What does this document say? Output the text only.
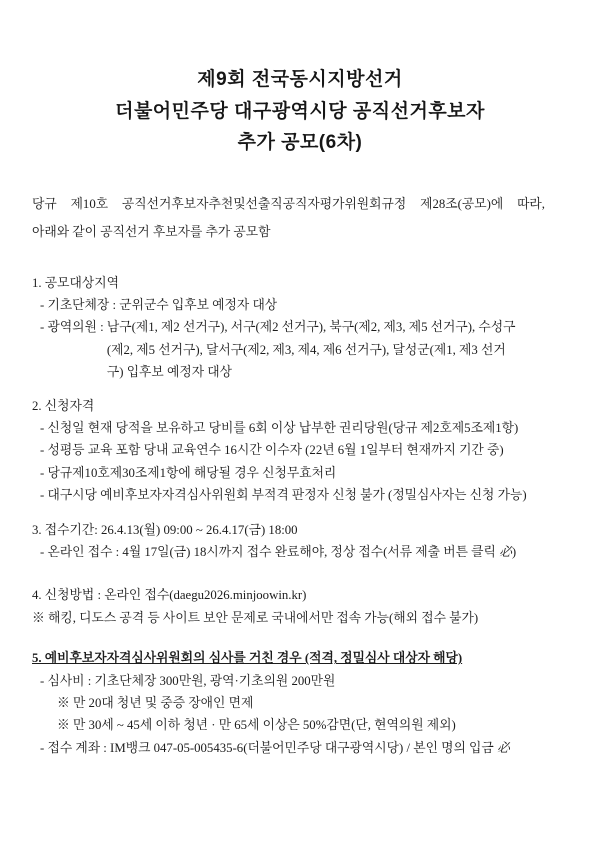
제9회 전국동시지방선거
더불어민주당 대구광역시당 공직선거후보자
추가 공모(6차)

당규 제10호 공직선거후보자추천및선출직공직자평가위원회규정 제28조(공모)에 따라,
아래와 같이 공직선거 후보자를 추가 공모함

1. 공모대상지역
- 기초단체장 : 군위군수 입후보 예정자 대상
- 광역의원 : 남구(제1, 제2 선거구), 서구(제2 선거구), 북구(제2, 제3, 제5 선거구), 수성구
(제2, 제5 선거구), 달서구(제2, 제3, 제4, 제6 선거구), 달성군(제1, 제3 선거
구) 입후보 예정자 대상
2. 신청자격
- 신청일 현재 당적을 보유하고 당비를 6회 이상 납부한 권리당원(당규 제2호제5조제1항)
- 성평등 교육 포함 당내 교육연수 16시간 이수자 (22년 6월 1일부터 현재까지 기간 중)
- 당규제10호제30조제1항에 해당될 경우 신청무효처리
- 대구시당 예비후보자자격심사위원회 부적격 판정자 신청 불가 (정밀심사자는 신청 가능)
3. 접수기간: 26.4.13(월) 09:00 ~ 26.4.17(금) 18:00
- 온라인 접수 : 4월 17일(금) 18시까지 접수 완료해야, 정상 접수(서류 제출 버튼 클릭 必)
4. 신청방법 : 온라인 접수(daegu2026.minjoowin.kr)
※ 해킹, 디도스 공격 등 사이트 보안 문제로 국내에서만 접속 가능(해외 접수 불가)
5. 예비후보자자격심사위원회의 심사를 거친 경우 (적격, 정밀심사 대상자 해당)
- 심사비 : 기초단체장 300만원, 광역·기초의원 200만원
※ 만 20대 청년 및 중증 장애인 면제
※ 만 30세 ~ 45세 이하 청년 · 만 65세 이상은 50%감면(단, 현역의원 제외)
- 접수 계좌 : IM뱅크 047-05-005435-6(더불어민주당 대구광역시당) / 본인 명의 입금 必
